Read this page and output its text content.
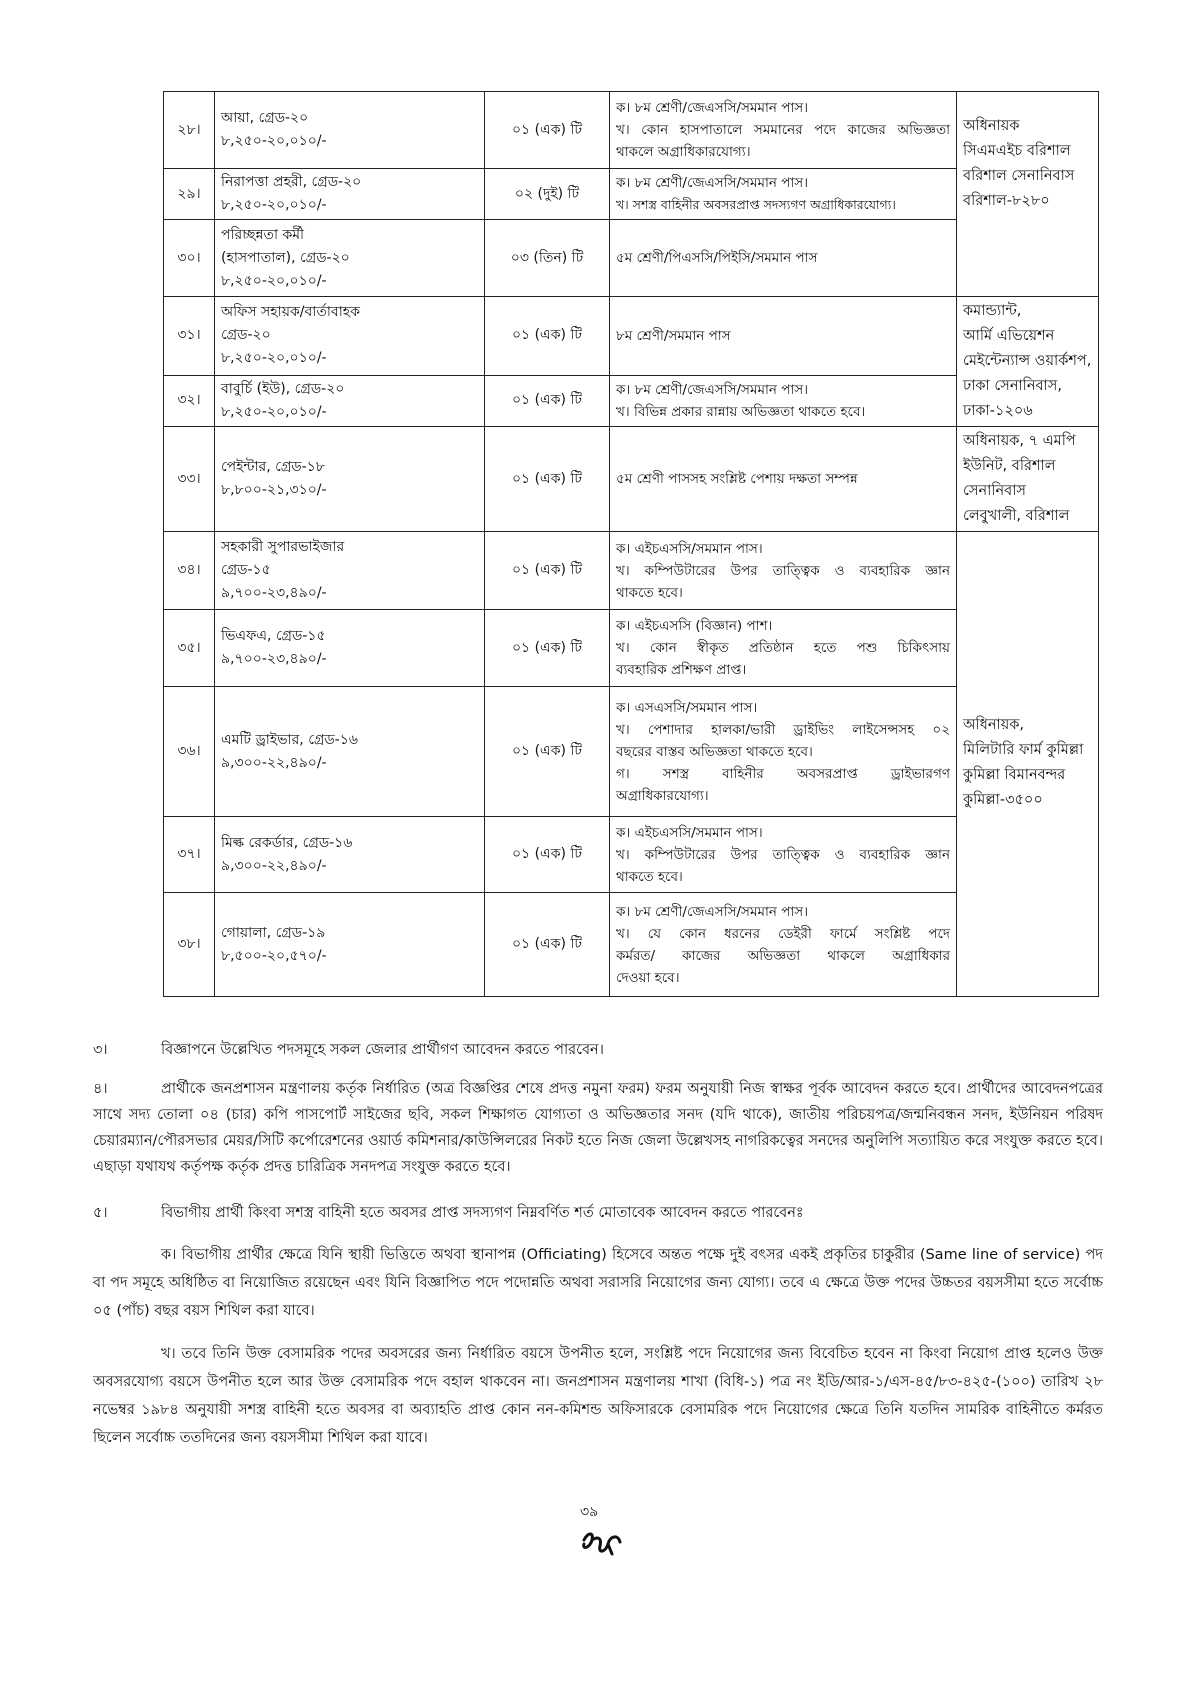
২৮।	আয়া, গ্রেড-২০
৮,২৫০-২০,০১০/-	০১ (এক) টি	ক। ৮ম শ্রেণী/জেএসসি/সমমান পাস।
খ। কোন হাসপাতালে সমমানের পদে কাজের অভিজ্ঞতা
থাকলে অগ্রাধিকারযোগ্য।	অধিনায়ক
সিএমএইচ বরিশাল
বরিশাল সেনানিবাস
বরিশাল-৮২৮০	

২৯।	নিরাপত্তা প্রহরী, গ্রেড-২০
৮,২৫০-২০,০১০/-	০২ (দুই) টি	ক। ৮ম শ্রেণী/জেএসসি/সমমান পাস।
খ। সশস্ত্র বাহিনীর অবসরপ্রাপ্ত সদস্যগণ অগ্রাধিকারযোগ্য।		

৩০।	পরিচ্ছন্নতা কর্মী
(হাসপাতাল), গ্রেড-২০
৮,২৫০-২০,০১০/-	০৩ (তিন) টি	৫ম শ্রেণী/পিএসসি/পিইসি/সমমান পাস		
৩১।	অফিস সহায়ক/বার্তাবাহক
গ্রেড-২০
৮,২৫০-২০,০১০/-	০১ (এক) টি	৮ম শ্রেণী/সমমান পাস	কমান্ড্যান্ট,
আর্মি এভিয়েশন
মেইন্টেন্যান্স ওয়ার্কশপ,
ঢাকা সেনানিবাস,
ঢাকা-১২০৬	

৩২।	বাবুর্চি (ইউ), গ্রেড-২০
৮,২৫০-২০,০১০/-	০১ (এক) টি	ক। ৮ম শ্রেণী/জেএসসি/সমমান পাস।
খ। বিভিন্ন প্রকার রান্নায় অভিজ্ঞতা থাকতে হবে।		

৩৩।	পেইন্টার, গ্রেড-১৮
৮,৮০০-২১,৩১০/-	০১ (এক) টি	৫ম শ্রেণী পাসসহ সংশ্লিষ্ট পেশায় দক্ষতা সম্পন্ন	অধিনায়ক, ৭ এমপি
ইউনিট, বরিশাল সেনানিবাস
লেবুখালী, বরিশাল	

৩৪।	সহকারী সুপারভাইজার
গ্রেড-১৫
৯,৭০০-২৩,৪৯০/-	০১ (এক) টি	ক। এইচএসসি/সমমান পাস।
খ। কম্পিউটারের উপর তাত্ত্বিক ও ব্যবহারিক জ্ঞান
থাকতে হবে।	অধিনায়ক,
মিলিটারি ফার্ম কুমিল্লা
কুমিল্লা বিমানবন্দর
কুমিল্লা-৩৫০০	

৩৫।	ভিএফএ, গ্রেড-১৫
৯,৭০০-২৩,৪৯০/-	০১ (এক) টি	ক। এইচএসসি (বিজ্ঞান) পাশ।
খ। কোন স্বীকৃত প্রতিষ্ঠান হতে পশু চিকিৎসায়
ব্যবহারিক প্রশিক্ষণ প্রাপ্ত।		

৩৬।	এমটি ড্রাইভার, গ্রেড-১৬
৯,৩০০-২২,৪৯০/-	০১ (এক) টি	ক। এসএসসি/সমমান পাস।
খ। পেশাদার হালকা/ভারী ড্রাইভিং লাইসেন্সসহ ০২
বছরের বাস্তব অভিজ্ঞতা থাকতে হবে।
গ। সশস্ত্র বাহিনীর অবসরপ্রাপ্ত ড্রাইভারগণ
অগ্রাধিকারযোগ্য।		

৩৭।	মিল্ক রেকর্ডার, গ্রেড-১৬
৯,৩০০-২২,৪৯০/-	০১ (এক) টি	ক। এইচএসসি/সমমান পাস।
খ। কম্পিউটারের উপর তাত্ত্বিক ও ব্যবহারিক জ্ঞান
থাকতে হবে।		

৩৮।	গোয়ালা, গ্রেড-১৯
৮,৫০০-২০,৫৭০/-	০১ (এক) টি	ক। ৮ম শ্রেণী/জেএসসি/সমমান পাস।
খ। যে কোন ধরনের ডেইরী ফার্মে সংশ্লিষ্ট পদে
কর্মরত/ কাজের অভিজ্ঞতা থাকলে অগ্রাধিকার
দেওয়া হবে।		

৩।	বিজ্ঞাপনে উল্লেখিত পদসমূহে সকল জেলার প্রার্থীগণ আবেদন করতে পারবেন।
৪।	প্রার্থীকে জনপ্রশাসন মন্ত্রণালয় কর্তৃক নির্ধারিত (অত্র বিজ্ঞপ্তির শেষে প্রদত্ত নমুনা ফরম) ফরম অনুযায়ী নিজ স্বাক্ষর পূর্বক আবেদন করতে হবে। প্রার্থীদের আবেদনপত্রের সাথে সদ্য তোলা ০৪ (চার) কপি পাসপোর্ট সাইজের ছবি, সকল শিক্ষাগত যোগ্যতা ও অভিজ্ঞতার সনদ (যদি থাকে), জাতীয় পরিচয়পত্র/জন্মনিবন্ধন সনদ, ইউনিয়ন পরিষদ চেয়ারম্যান/পৌরসভার মেয়র/সিটি কর্পোরেশনের ওয়ার্ড কমিশনার/কাউন্সিলরের নিকট হতে নিজ জেলা উল্লেখসহ নাগরিকত্বের সনদের অনুলিপি সত্যায়িত করে সংযুক্ত করতে হবে। এছাড়া যথাযথ কর্তৃপক্ষ কর্তৃক প্রদত্ত চারিত্রিক সনদপত্র সংযুক্ত করতে হবে।
৫।	বিভাগীয় প্রার্থী কিংবা সশস্ত্র বাহিনী হতে অবসর প্রাপ্ত সদস্যগণ নিম্নবর্ণিত শর্ত মোতাবেক আবেদন করতে পারবেনঃ
ক। বিভাগীয় প্রার্থীর ক্ষেত্রে যিনি স্থায়ী ভিত্তিতে অথবা স্থানাপন্ন (Officiating) হিসেবে অন্তত পক্ষে দুই বৎসর একই প্রকৃতির চাকুরীর (Same line of service) পদ বা পদ সমূহে অধিষ্ঠিত বা নিয়োজিত রয়েছেন এবং যিনি বিজ্ঞাপিত পদে পদোন্নতি অথবা সরাসরি নিয়োগের জন্য যোগ্য। তবে এ ক্ষেত্রে উক্ত পদের উচ্চতর বয়সসীমা হতে সর্বোচ্চ ০৫ (পাঁচ) বছর বয়স শিথিল করা যাবে।
খ। তবে তিনি উক্ত বেসামরিক পদের অবসরের জন্য নির্ধারিত বয়সে উপনীত হলে, সংশ্লিষ্ট পদে নিয়োগের জন্য বিবেচিত হবেন না কিংবা নিয়োগ প্রাপ্ত হলেও উক্ত অবসরযোগ্য বয়সে উপনীত হলে আর উক্ত বেসামরিক পদে বহাল থাকবেন না। জনপ্রশাসন মন্ত্রণালয় শাখা (বিধি-১) পত্র নং ইডি/আর-১/এস-৪৫/৮৩-৪২৫-(১০০) তারিখ ২৮ নভেম্বর ১৯৮৪ অনুযায়ী সশস্ত্র বাহিনী হতে অবসর বা অব্যাহতি প্রাপ্ত কোন নন-কমিশন্ড অফিসারকে বেসামরিক পদে নিয়োগের ক্ষেত্রে তিনি যতদিন সামরিক বাহিনীতে কর্মরত ছিলেন সর্বোচ্চ ততদিনের জন্য বয়সসীমা শিথিল করা যাবে।
৩৯
